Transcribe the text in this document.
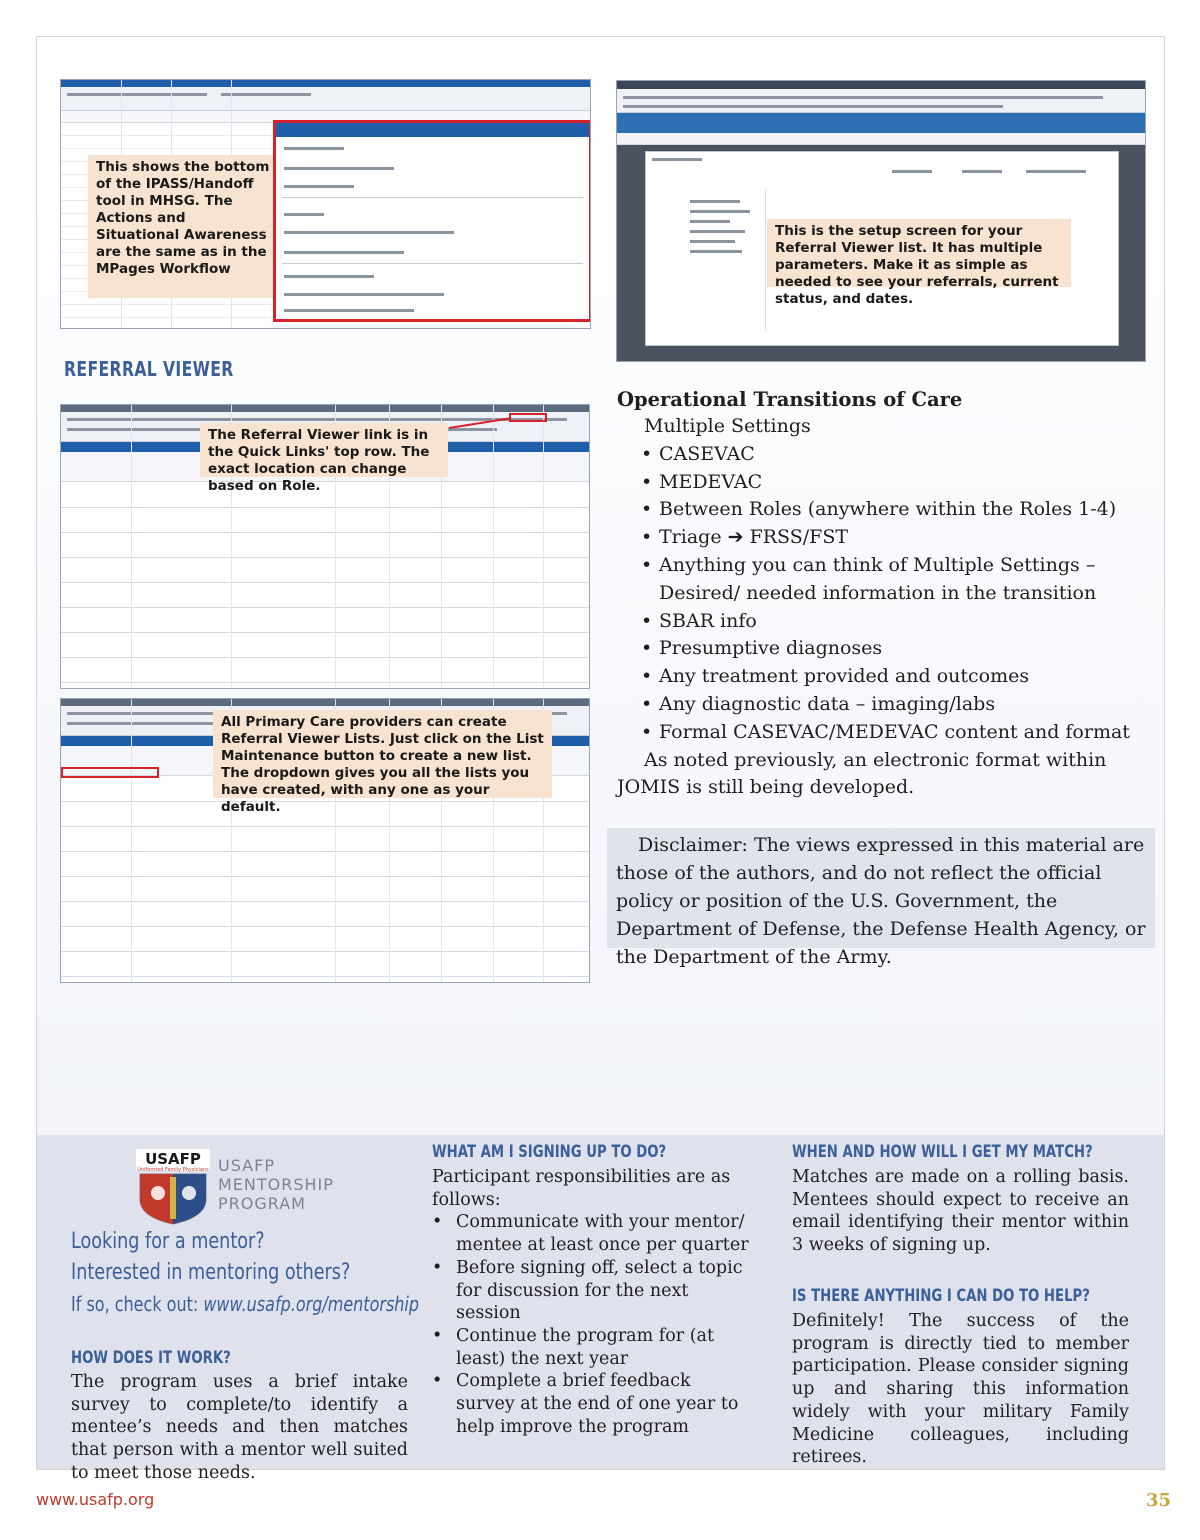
This shows the bottom of the IPASS/Handoff tool in MHSG. The Actions and Situational Awareness are the same as in the MPages Workflow
This is the setup screen for your Referral Viewer list. It has multiple parameters. Make it as simple as needed to see your referrals, current status, and dates.
REFERRAL VIEWER
The Referral Viewer link is in the Quick Links' top row. The exact location can change based on Role.
All Primary Care providers can create Referral Viewer Lists. Just click on the List Maintenance button to create a new list. The dropdown gives you all the lists you have created, with any one as your default.
Operational Transitions of Care
Multiple Settings
• CASEVAC
• MEDEVAC
• Between Roles (anywhere within the Roles 1-4)
• Triage ➔ FRSS/FST
• Anything you can think of Multiple Settings – Desired/ needed information in the transition
• SBAR info
• Presumptive diagnoses
• Any treatment provided and outcomes
• Any diagnostic data – imaging/labs
• Formal CASEVAC/MEDEVAC content and format

As noted previously, an electronic format within JOMIS is still being developed.

Disclaimer: The views expressed in this material are those of the authors, and do not reflect the official policy or position of the U.S. Government, the Department of Defense, the Defense Health Agency, or the Department of the Army.
USAFP
Uniformed Family Physicians USAFP
MENTORSHIP
PROGRAM
Looking for a mentor?
Interested in mentoring others?
If so, check out: www.usafp.org/mentorship
HOW DOES IT WORK?
The program uses a brief intake survey to complete/to identify a mentee’s needs and then matches that person with a mentor well suited to meet those needs.
WHAT AM I SIGNING UP TO DO?
Participant responsibilities are as follows:
• Communicate with your mentor/ mentee at least once per quarter
• Before signing off, select a topic for discussion for the next session
• Continue the program for (at least) the next year
• Complete a brief feedback survey at the end of one year to help improve the program
WHEN AND HOW WILL I GET MY MATCH?
Matches are made on a rolling basis. Mentees should expect to receive an email identifying their mentor within 3 weeks of signing up.
IS THERE ANYTHING I CAN DO TO HELP?
Definitely! The success of the program is directly tied to member participation. Please consider signing up and sharing this information widely with your military Family Medicine colleagues, including retirees.
www.usafp.org	35
